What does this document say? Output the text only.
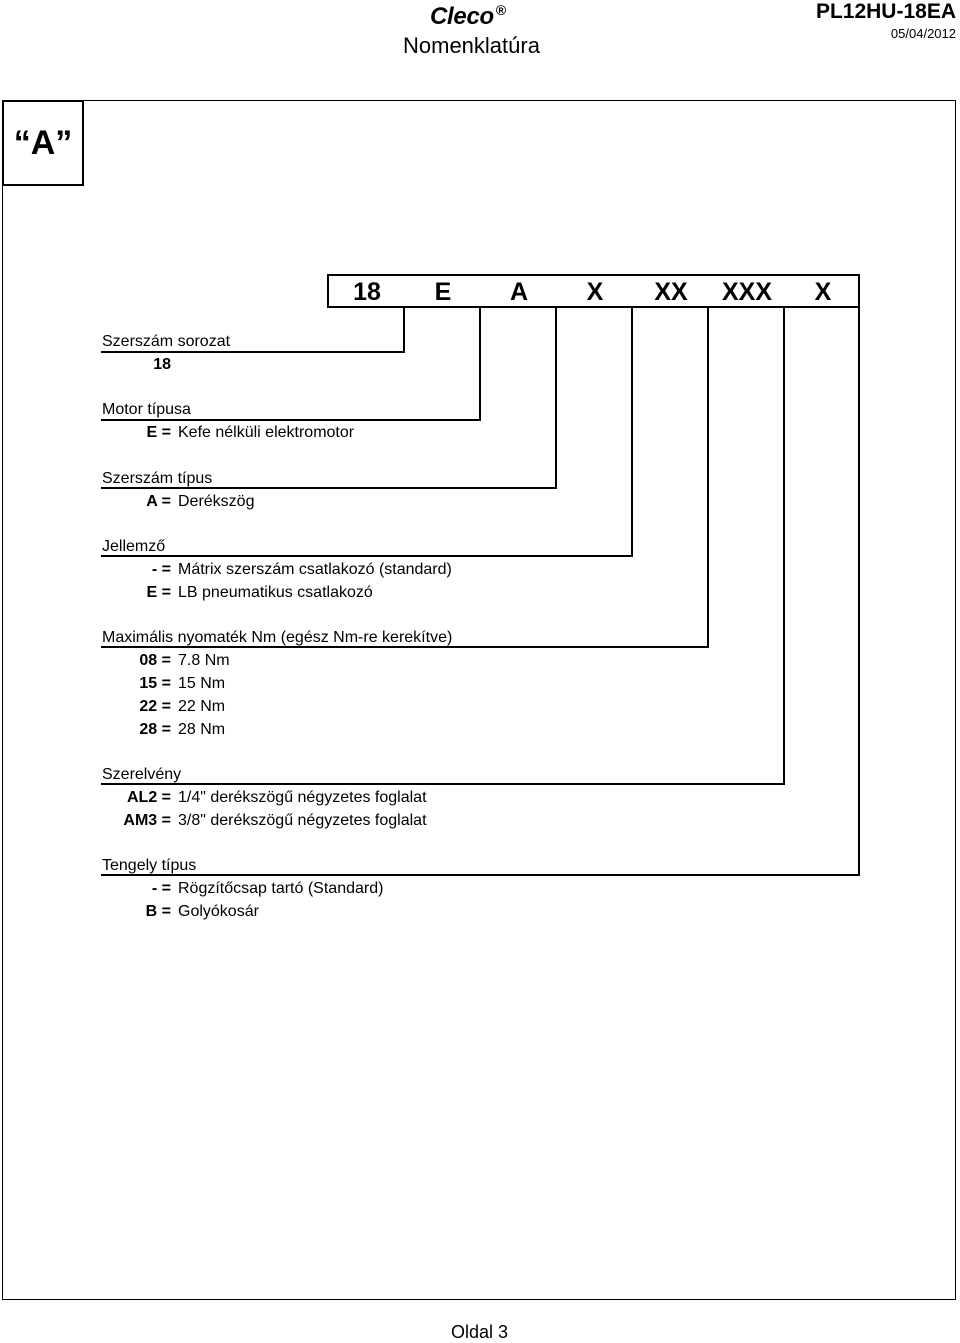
Cleco ®
Nomenklatúra
PL12HU-18EA
05/04/2012
“A”
18	E	A	X	XX	XXX	X
Szerszám sorozat
18
Motor típusa
E = Kefe nélküli elektromotor
Szerszám típus
A = Derékszög
Jellemző
- = Mátrix szerszám csatlakozó (standard)
E = LB pneumatikus csatlakozó
Maximális nyomaték Nm (egész Nm-re kerekítve)
08 = 7.8 Nm
15 = 15 Nm
22 = 22 Nm
28 = 28 Nm
Szerelvény
AL2 = 1/4" derékszögű négyzetes foglalat
AM3 = 3/8" derékszögű négyzetes foglalat
Tengely típus
- = Rögzítőcsap tartó (Standard)
B = Golyókosár
Oldal 3
